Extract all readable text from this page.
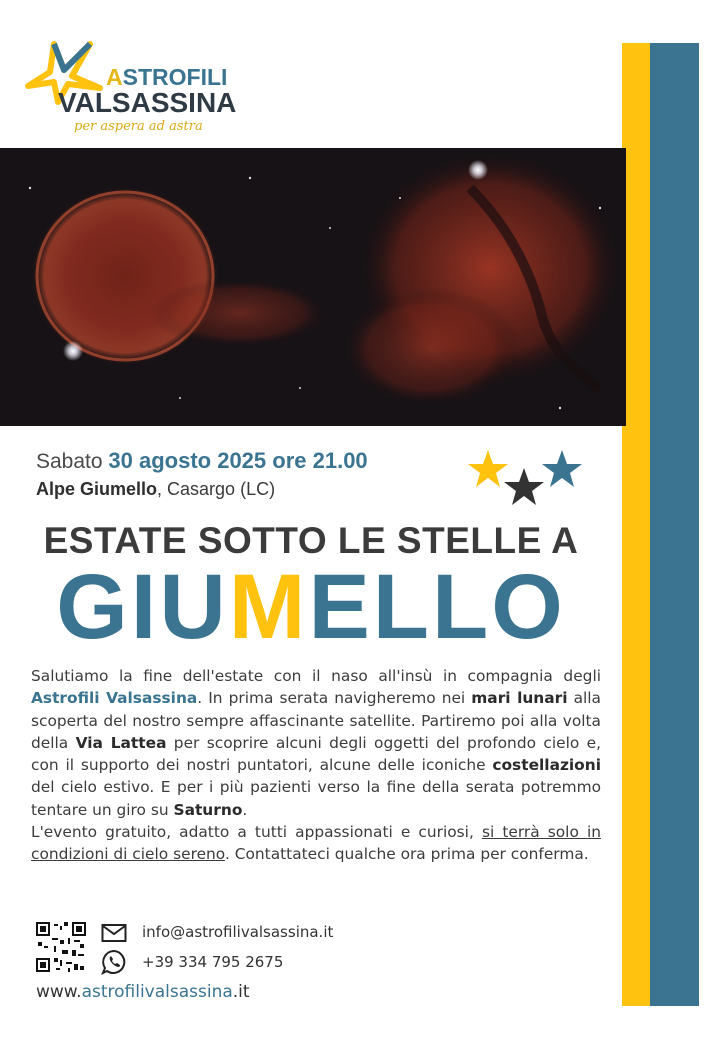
ASTROFILI
VALSASSINA
per aspera ad astra
Sabato 30 agosto 2025 ore 21.00
Alpe Giumello, Casargo (LC)
ESTATE SOTTO LE STELLE A
GIUMELLO

Salutiamo la fine dell'estate con il naso all'insù in compagnia degli Astrofili Valsassina. In prima serata navigheremo nei mari lunari alla scoperta del nostro sempre affascinante satellite. Partiremo poi alla volta della Via Lattea per scoprire alcuni degli oggetti del profondo cielo e, con il supporto dei nostri puntatori, alcune delle iconiche costellazioni del cielo estivo. E per i più pazienti verso la fine della serata potremmo tentare un giro su Saturno.

L'evento gratuito, adatto a tutti appassionati e curiosi, si terrà solo in condizioni di cielo sereno. Contattateci qualche ora prima per conferma.

info@astrofilivalsassina.it
+39 334 795 2675
www.astrofilivalsassina.it
